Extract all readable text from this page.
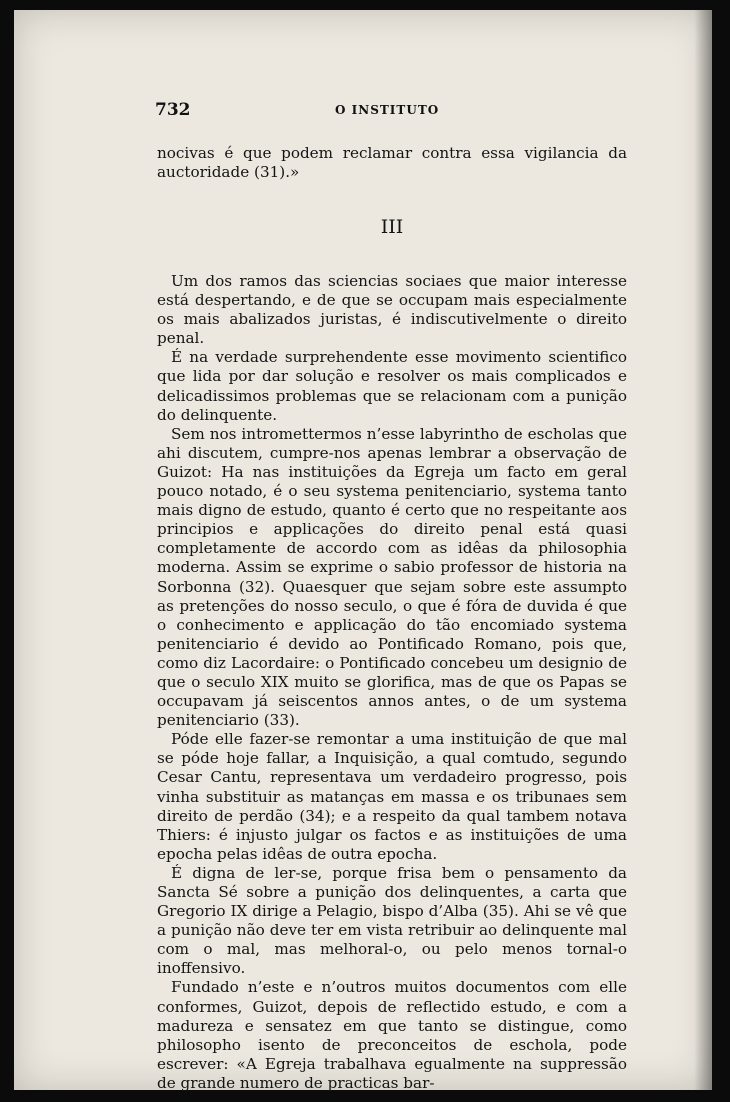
732	O INSTITUTO

nocivas é que podem reclamar contra essa vigilancia da auctoridade (31).»

III

Um dos ramos das sciencias sociaes que maior interesse está despertando, e de que se occupam mais especialmente os mais abalizados juristas, é indiscutivelmente o direito penal.

É na verdade surprehendente esse movimento scientifico que lida por dar solução e resolver os mais complicados e delicadissimos problemas que se relacionam com a punição do delinquente.

Sem nos intromettermos n’esse labyrintho de escholas que ahi discutem, cumpre-nos apenas lembrar a observação de Guizot: Ha nas instituições da Egreja um facto em geral pouco notado, é o seu systema penitenciario, systema tanto mais digno de estudo, quanto é certo que no respeitante aos principios e applicações do direito penal está quasi completamente de accordo com as idêas da philosophia moderna. Assim se exprime o sabio professor de historia na Sorbonna (32). Quaesquer que sejam sobre este assumpto as pretenções do nosso seculo, o que é fóra de duvida é que o conhecimento e applicação do tão encomiado systema penitenciario é devido ao Pontificado Romano, pois que, como diz Lacordaire: o Pontificado concebeu um designio de que o seculo XIX muito se glorifica, mas de que os Papas se occupavam já seiscentos annos antes, o de um systema penitenciario (33).

Póde elle fazer-se remontar a uma instituição de que mal se póde hoje fallar, a Inquisição, a qual comtudo, segundo Cesar Cantu, representava um verdadeiro progresso, pois vinha substituir as matanças em massa e os tribunaes sem direito de perdão (34); e a respeito da qual tambem notava Thiers: é injusto julgar os factos e as instituições de uma epocha pelas idêas de outra epocha.

É digna de ler-se, porque frisa bem o pensamento da Sancta Sé sobre a punição dos delinquentes, a carta que Gregorio IX dirige a Pelagio, bispo d’Alba (35). Ahi se vê que a punição não deve ter em vista retribuir ao delinquente mal com o mal, mas melhoral-o, ou pelo menos tornal-o inoffensivo.

Fundado n’este e n’outros muitos documentos com elle conformes, Guizot, depois de reflectido estudo, e com a madureza e sensatez em que tanto se distingue, como philosopho isento de preconceitos de eschola, pode escrever: «A Egreja trabalhava egualmente na suppressão de grande numero de practicas bar-
